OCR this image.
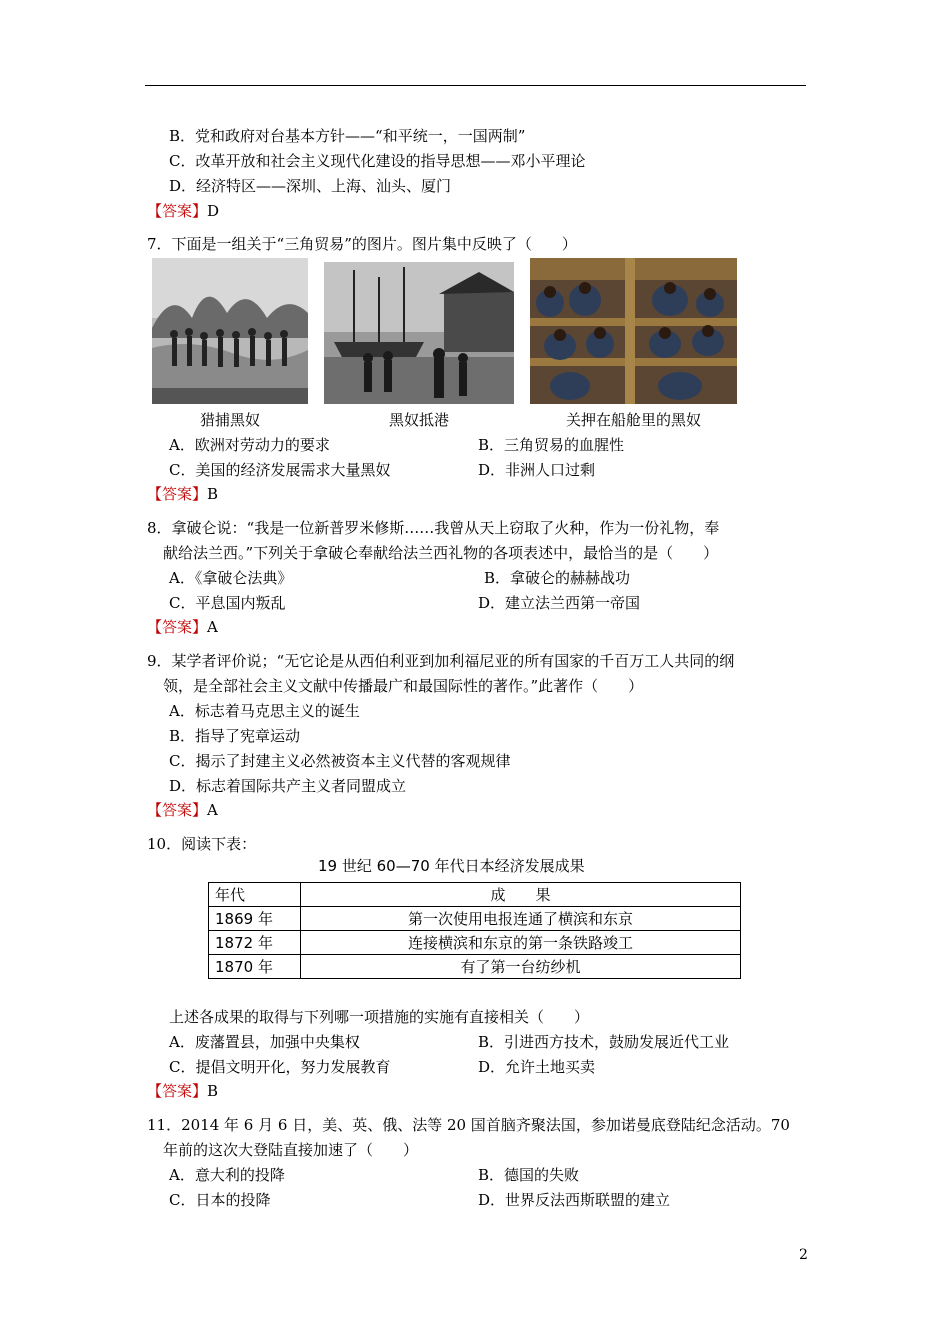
B．党和政府对台基本方针——“和平统一，一国两制”
C．改革开放和社会主义现代化建设的指导思想——邓小平理论
D．经济特区——深圳、上海、汕头、厦门
【答案】D
7．下面是一组关于“三角贸易”的图片。图片集中反映了（　　）
猎捕黑奴	黑奴抵港	关押在船舱里的黑奴
A．欧洲对劳动力的要求	B．三角贸易的血腥性
C．美国的经济发展需求大量黑奴	D．非洲人口过剩
【答案】B
8．拿破仑说：“我是一位新普罗米修斯……我曾从天上窃取了火种，作为一份礼物，奉
献给法兰西。”下列关于拿破仑奉献给法兰西礼物的各项表述中，最恰当的是（　　）
A．《拿破仑法典》	B．拿破仑的赫赫战功
C．平息国内叛乱	D．建立法兰西第一帝国
【答案】A
9．某学者评价说；“无它论是从西伯利亚到加利福尼亚的所有国家的千百万工人共同的纲
领，是全部社会主义文献中传播最广和最国际性的著作。”此著作（　　）
A．标志着马克思主义的诞生
B．指导了宪章运动
C．揭示了封建主义必然被资本主义代替的客观规律
D．标志着国际共产主义者同盟成立
【答案】A
10．阅读下表：
19 世纪 60—70 年代日本经济发展成果
年代	成　　果
1869 年	第一次使用电报连通了横滨和东京
1872 年	连接横滨和东京的第一条铁路竣工
1870 年	有了第一台纺纱机
上述各成果的取得与下列哪一项措施的实施有直接相关（　　）
A．废藩置县，加强中央集权	B．引进西方技术，鼓励发展近代工业
C．提倡文明开化，努力发展教育	D．允许土地买卖
【答案】B
11．2014 年 6 月 6 日，美、英、俄、法等 20 国首脑齐聚法国，参加诺曼底登陆纪念活动。70
年前的这次大登陆直接加速了（　　）
A．意大利的投降	B．德国的失败
C．日本的投降	D．世界反法西斯联盟的建立
2
